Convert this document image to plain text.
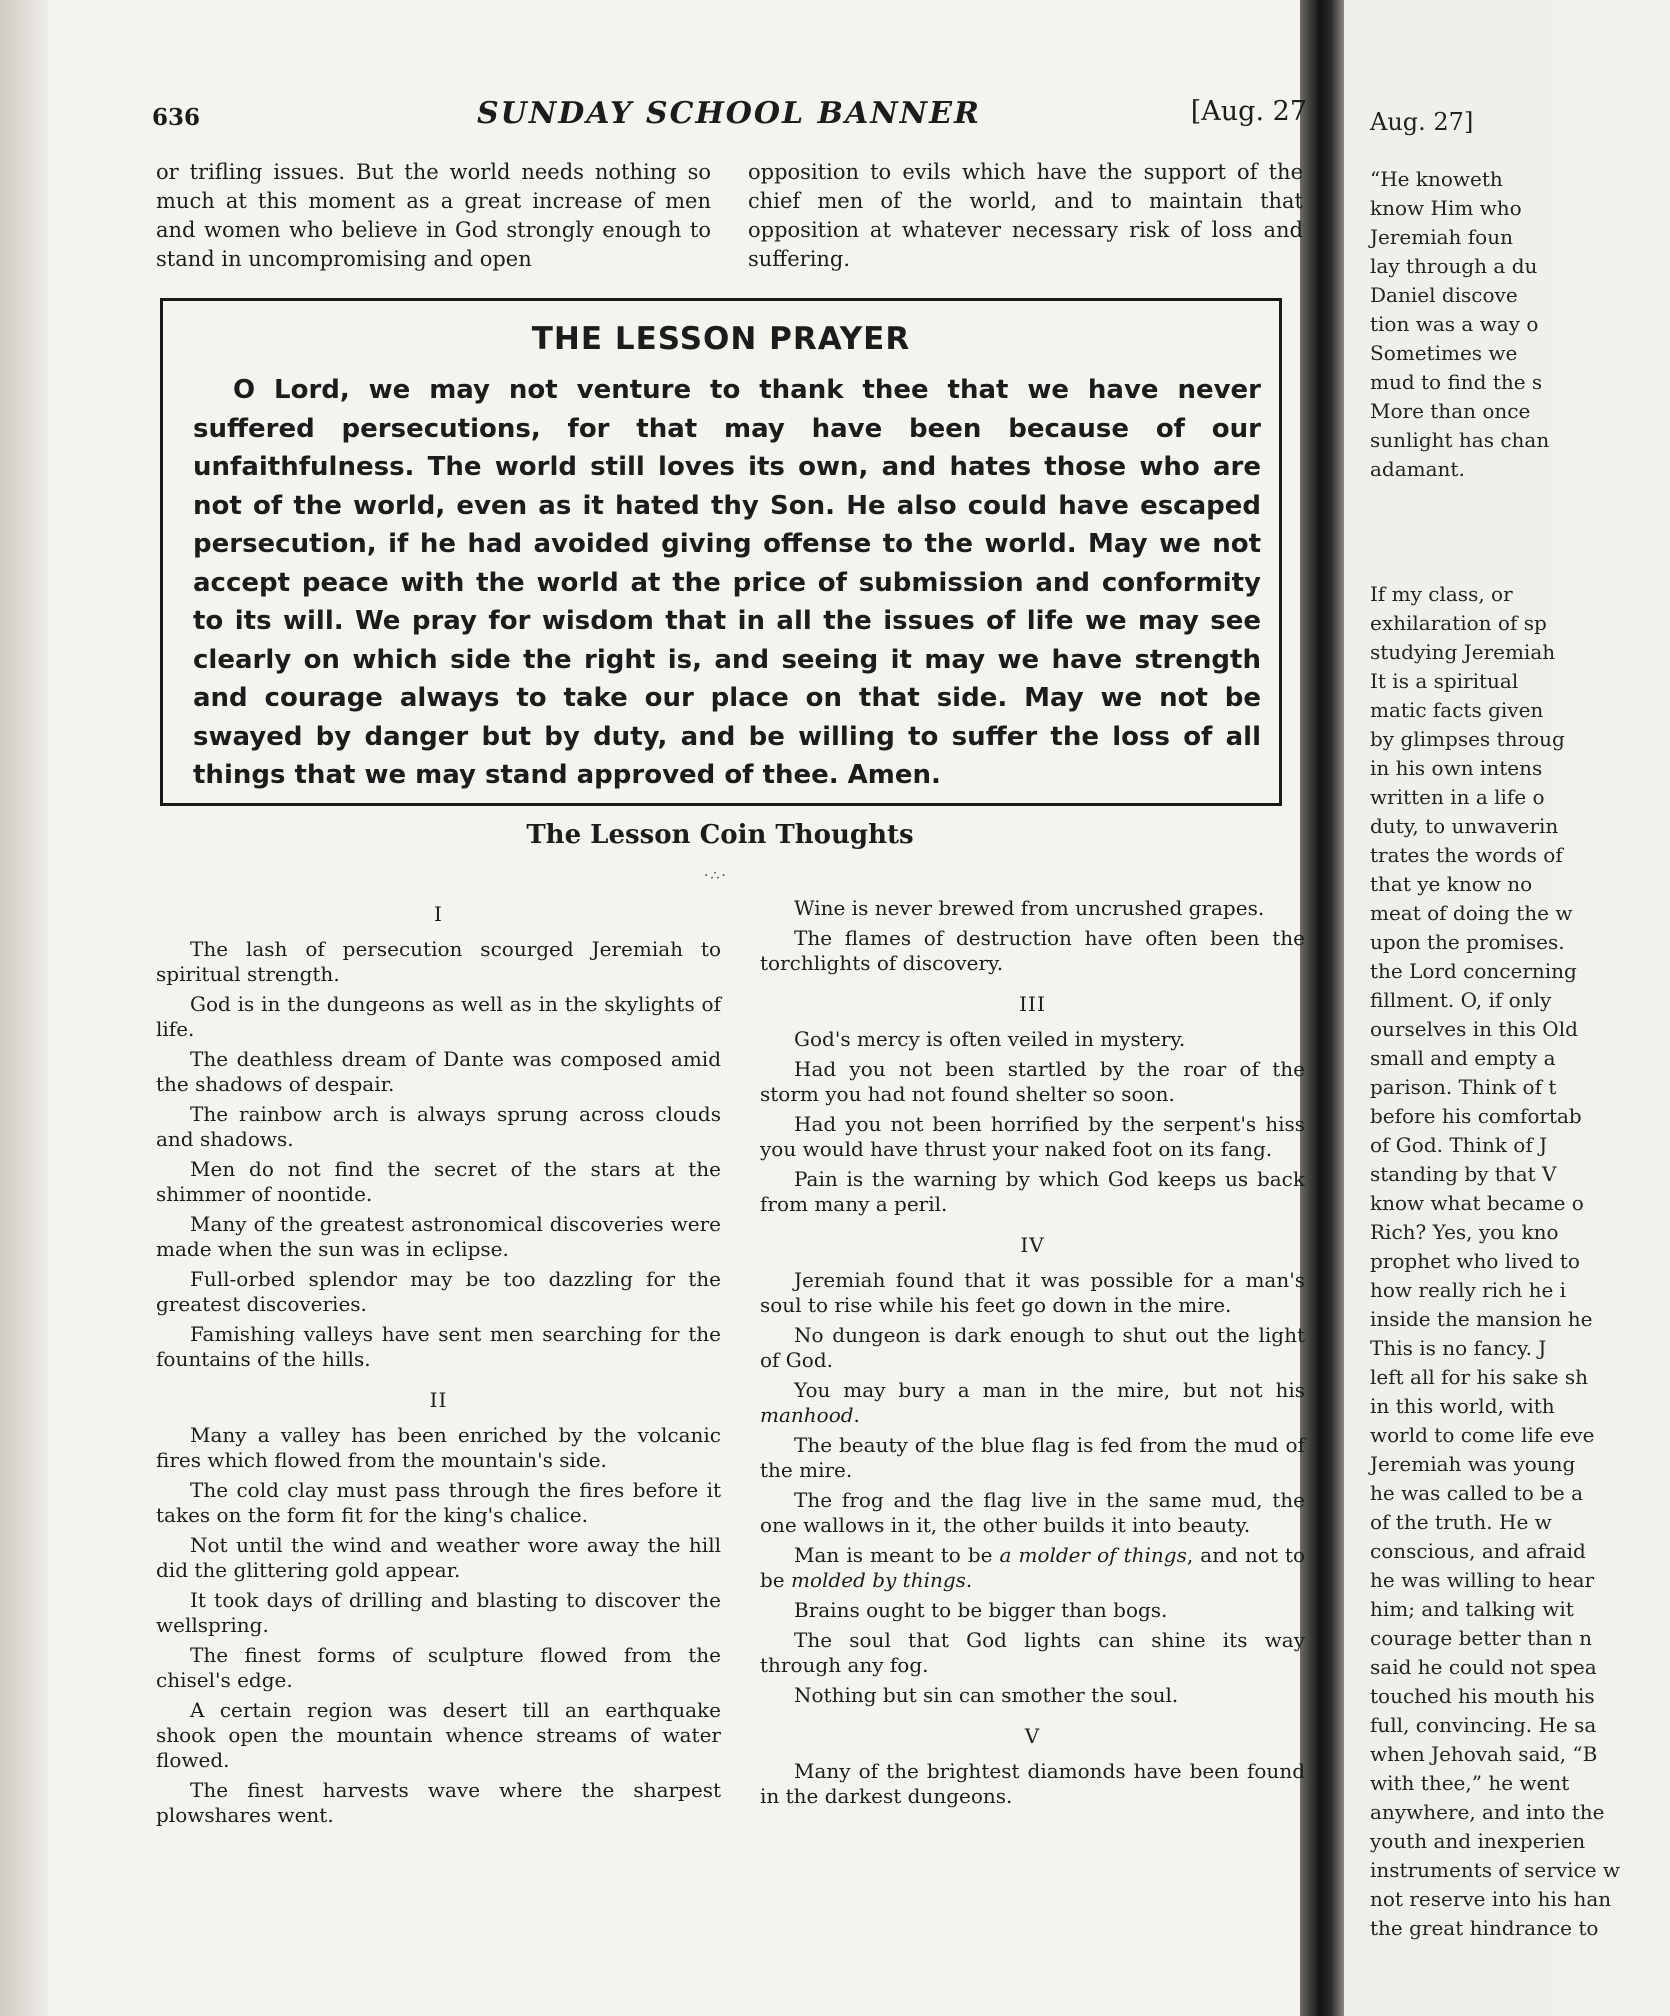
636	SUNDAY SCHOOL BANNER	[Aug. 27
or trifling issues. But the world needs nothing so much at this moment as a great increase of men and women who believe in God strongly enough to stand in uncompromising and open
opposition to evils which have the support of the chief men of the world, and to maintain that opposition at whatever necessary risk of loss and suffering.
THE LESSON PRAYER

O Lord, we may not venture to thank thee that we have never suffered persecutions, for that may have been because of our unfaithfulness. The world still loves its own, and hates those who are not of the world, even as it hated thy Son. He also could have escaped persecution, if he had avoided giving offense to the world. May we not accept peace with the world at the price of submission and conformity to its will. We pray for wisdom that in all the issues of life we may see clearly on which side the right is, and seeing it may we have strength and courage always to take our place on that side. May we not be swayed by danger but by duty, and be willing to suffer the loss of all things that we may stand approved of thee. Amen.

The Lesson Coin Thoughts
·∴·
I

The lash of persecution scourged Jeremiah to spiritual strength.

God is in the dungeons as well as in the skylights of life.

The deathless dream of Dante was composed amid the shadows of despair.

The rainbow arch is always sprung across clouds and shadows.

Men do not find the secret of the stars at the shimmer of noontide.

Many of the greatest astronomical discoveries were made when the sun was in eclipse.

Full-orbed splendor may be too dazzling for the greatest discoveries.

Famishing valleys have sent men searching for the fountains of the hills.

II

Many a valley has been enriched by the volcanic fires which flowed from the mountain's side.

The cold clay must pass through the fires before it takes on the form fit for the king's chalice.

Not until the wind and weather wore away the hill did the glittering gold appear.

It took days of drilling and blasting to discover the wellspring.

The finest forms of sculpture flowed from the chisel's edge.

A certain region was desert till an earthquake shook open the mountain whence streams of water flowed.

The finest harvests wave where the sharpest plowshares went.

Wine is never brewed from uncrushed grapes.

The flames of destruction have often been the torchlights of discovery.

III

God's mercy is often veiled in mystery.

Had you not been startled by the roar of the storm you had not found shelter so soon.

Had you not been horrified by the serpent's hiss you would have thrust your naked foot on its fang.

Pain is the warning by which God keeps us back from many a peril.

IV

Jeremiah found that it was possible for a man's soul to rise while his feet go down in the mire.

No dungeon is dark enough to shut out the light of God.

You may bury a man in the mire, but not his manhood.

The beauty of the blue flag is fed from the mud of the mire.

The frog and the flag live in the same mud, the one wallows in it, the other builds it into beauty.

Man is meant to be a molder of things, and not to be molded by things.

Brains ought to be bigger than bogs.

The soul that God lights can shine its way through any fog.

Nothing but sin can smother the soul.

V

Many of the brightest diamonds have been found in the darkest dungeons.

Aug. 27]
“He knoweth
know Him who
Jeremiah foun
lay through a du
Daniel discove
tion was a way o
Sometimes we
mud to find the s
More than once
sunlight has chan
adamant.
If my class, or
exhilaration of sp
studying Jeremiah
It is a spiritual
matic facts given
by glimpses throug
in his own intens
written in a life o
duty, to unwaverin
trates the words of
that ye know no
meat of doing the w
upon the promises.
the Lord concerning
fillment. O, if only
ourselves in this Old
small and empty a
parison. Think of t
before his comfortab
of God. Think of J
standing by that V
know what became o
Rich? Yes, you kno
prophet who lived to
how really rich he i
inside the mansion he
This is no fancy. J
left all for his sake sh
in this world, with
world to come life eve
Jeremiah was young
he was called to be a
of the truth. He w
conscious, and afraid
he was willing to hear
him; and talking wit
courage better than n
said he could not spea
touched his mouth his
full, convincing. He sa
when Jehovah said, “B
with thee,” he went
anywhere, and into the
youth and inexperien
instruments of service w
not reserve into his han
the great hindrance to
